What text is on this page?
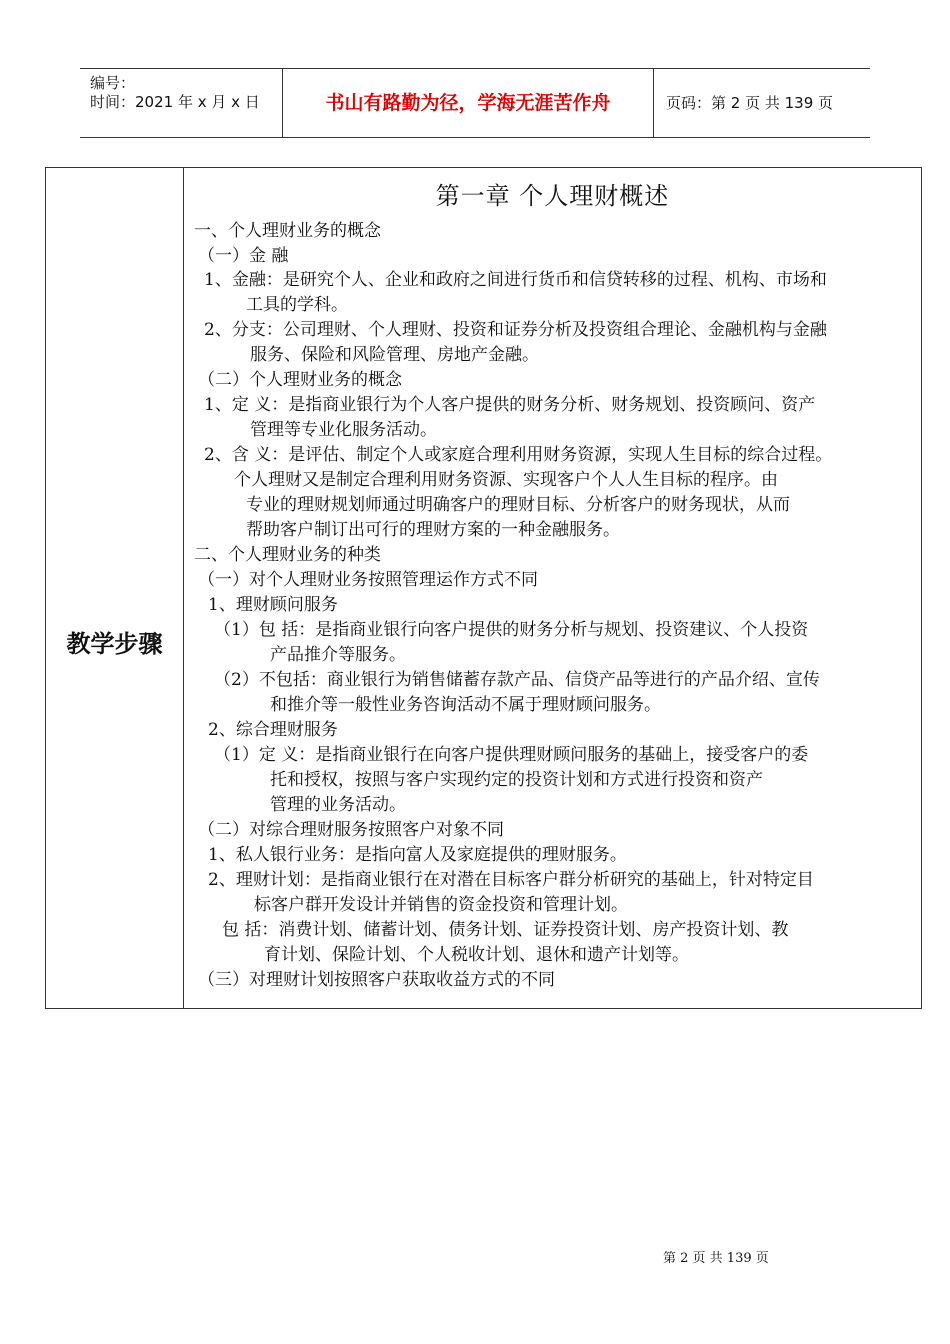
编号：
时间：2021 年 x 月 x 日	书山有路勤为径，学海无涯苦作舟	页码：第 2 页 共 139 页
教学步骤
第一章 个人理财概述
一、个人理财业务的概念
（一）金 融
1、金融：是研究个人、企业和政府之间进行货币和信贷转移的过程、机构、市场和
工具的学科。
2、分支：公司理财、个人理财、投资和证券分析及投资组合理论、金融机构与金融
服务、保险和风险管理、房地产金融。
（二）个人理财业务的概念
1、定 义：是指商业银行为个人客户提供的财务分析、财务规划、投资顾问、资产
管理等专业化服务活动。
2、含 义：是评估、制定个人或家庭合理利用财务资源，实现人生目标的综合过程。
个人理财又是制定合理利用财务资源、实现客户个人人生目标的程序。由
专业的理财规划师通过明确客户的理财目标、分析客户的财务现状，从而
帮助客户制订出可行的理财方案的一种金融服务。
二、个人理财业务的种类
（一）对个人理财业务按照管理运作方式不同
1、理财顾问服务
（1）包 括：是指商业银行向客户提供的财务分析与规划、投资建议、个人投资
产品推介等服务。
（2）不包括：商业银行为销售储蓄存款产品、信贷产品等进行的产品介绍、宣传
和推介等一般性业务咨询活动不属于理财顾问服务。
2、综合理财服务
（1）定 义：是指商业银行在向客户提供理财顾问服务的基础上，接受客户的委
托和授权，按照与客户实现约定的投资计划和方式进行投资和资产
管理的业务活动。
（二）对综合理财服务按照客户对象不同
1、私人银行业务：是指向富人及家庭提供的理财服务。
2、理财计划：是指商业银行在对潜在目标客户群分析研究的基础上，针对特定目
标客户群开发设计并销售的资金投资和管理计划。
包 括：消费计划、储蓄计划、债务计划、证券投资计划、房产投资计划、教
育计划、保险计划、个人税收计划、退休和遗产计划等。
（三）对理财计划按照客户获取收益方式的不同
第 2 页 共 139 页
